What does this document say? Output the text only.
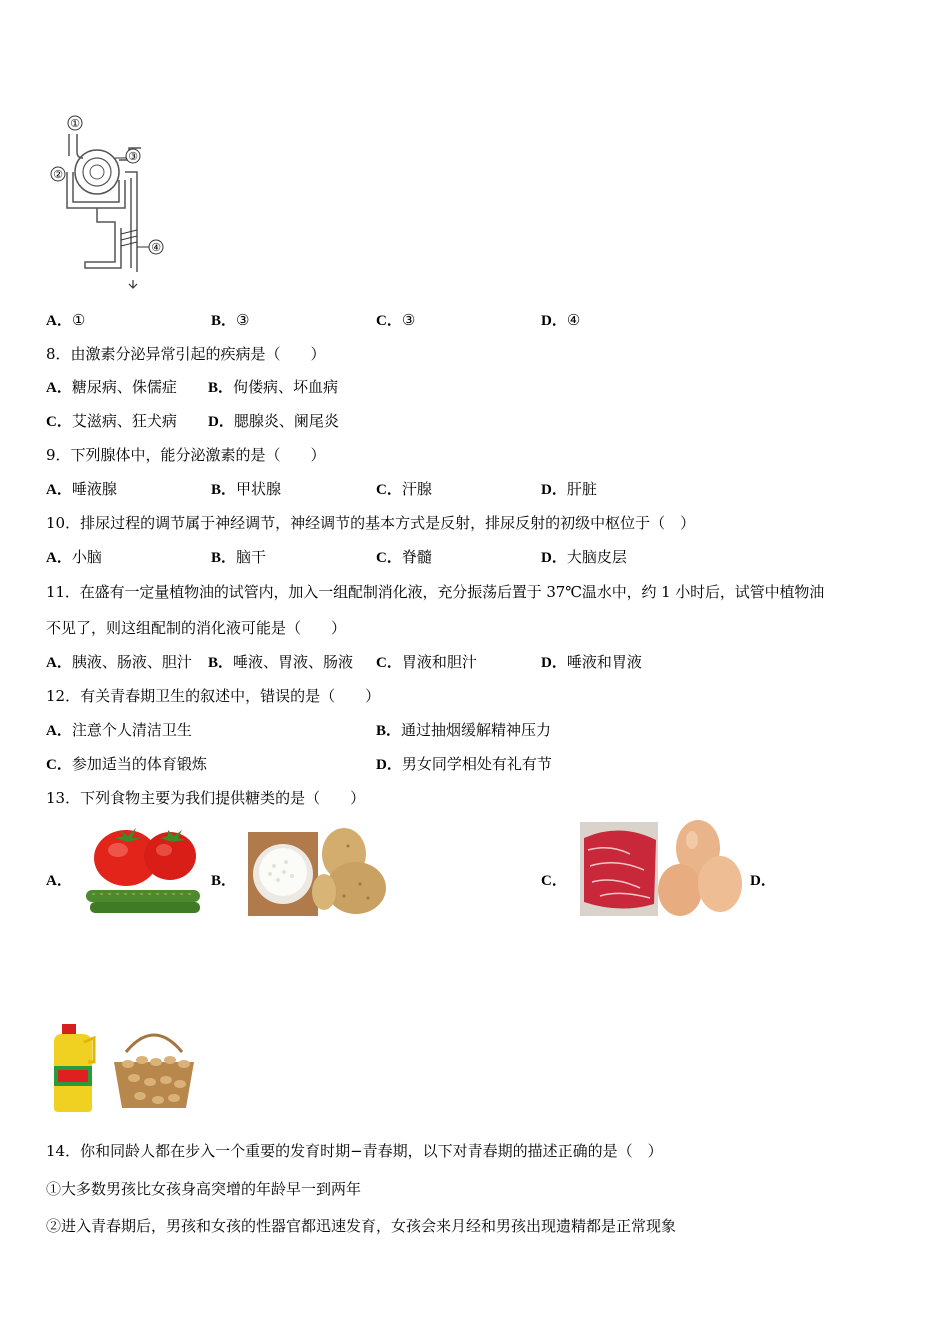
①
②
③
④
A．①	B．③	C．③	D．④
8．由激素分泌异常引起的疾病是（　　）
A．糖尿病、侏儒症 B．佝偻病、坏血病
C．艾滋病、狂犬病 D．腮腺炎、阑尾炎
9．下列腺体中，能分泌激素的是（　　）
A．唾液腺	B．甲状腺	C．汗腺	D．肝脏
10．排尿过程的调节属于神经调节，神经调节的基本方式是反射，排尿反射的初级中枢位于（　）
A．小脑	B．脑干	C．脊髓	D．大脑皮层
11．在盛有一定量植物油的试管内，加入一组配制消化液，充分振荡后置于 37℃温水中，约 1 小时后，试管中植物油
不见了，则这组配制的消化液可能是（　　）
A．胰液、肠液、胆汁 B．唾液、胃液、肠液 C．胃液和胆汁	D．唾液和胃液
12．有关青春期卫生的叙述中，错误的是（　　）
A．注意个人清洁卫生	B．通过抽烟缓解精神压力
C．参加适当的体育锻炼	D．男女同学相处有礼有节
13．下列食物主要为我们提供糖类的是（　　）
A．	B．	C．	D．
14．你和同龄人都在步入一个重要的发育时期−青春期，以下对青春期的描述正确的是（　）
①大多数男孩比女孩身高突增的年龄早一到两年
②进入青春期后，男孩和女孩的性器官都迅速发育，女孩会来月经和男孩出现遗精都是正常现象
